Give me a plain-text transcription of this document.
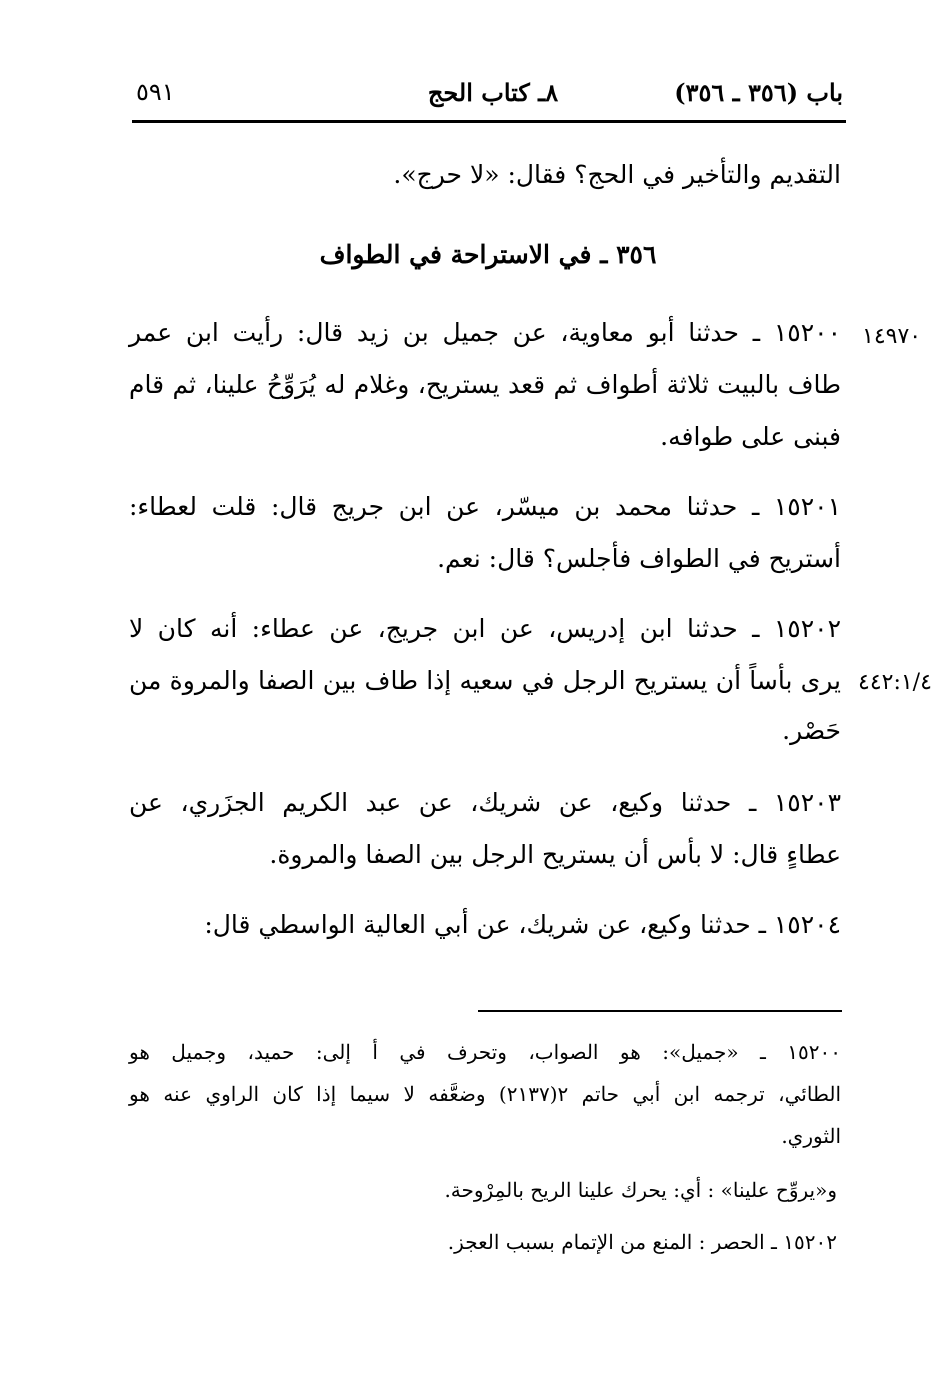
باب (٣٥٦ ـ ٣٥٦)
٨ـ كتاب الحج
٥٩١
التقديم والتأخير في الحج؟ فقال: «لا حرج».
٣٥٦ ـ في الاستراحة في الطواف
١٤٩٧٠
٤٤٢:١/٤
١٥٢٠٠ ـ حدثنا أبو معاوية، عن جميل بن زيد قال: رأيت ابن عمر
طاف بالبيت ثلاثة أطواف ثم قعد يستريح، وغلام له يُرَوِّحُ علينا، ثم قام
فبنى على طوافه.
١٥٢٠١ ـ حدثنا محمد بن ميسّر، عن ابن جريج قال: قلت لعطاء:
أستريح في الطواف فأجلس؟ قال: نعم.
١٥٢٠٢ ـ حدثنا ابن إدريس، عن ابن جريج، عن عطاء: أنه كان لا
يرى بأساً أن يستريح الرجل في سعيه إذا طاف بين الصفا والمروة من
حَصْر.
١٥٢٠٣ ـ حدثنا وكيع، عن شريك، عن عبد الكريم الجزَري، عن
عطاءٍ قال: لا بأس أن يستريح الرجل بين الصفا والمروة.
١٥٢٠٤ ـ حدثنا وكيع، عن شريك، عن أبي العالية الواسطي قال:
١٥٢٠٠ ـ «جميل»: هو الصواب، وتحرف في أ إلى: حميد، وجميل هو
الطائي، ترجمه ابن أبي حاتم ٢(٢١٣٧) وضعَّفه لا سيما إذا كان الراوي عنه هو
الثوري.
و«يروِّح علينا» : أي: يحرك علينا الريح بالمِرْوحة.
١٥٢٠٢ ـ الحصر : المنع من الإتمام بسبب العجز.
